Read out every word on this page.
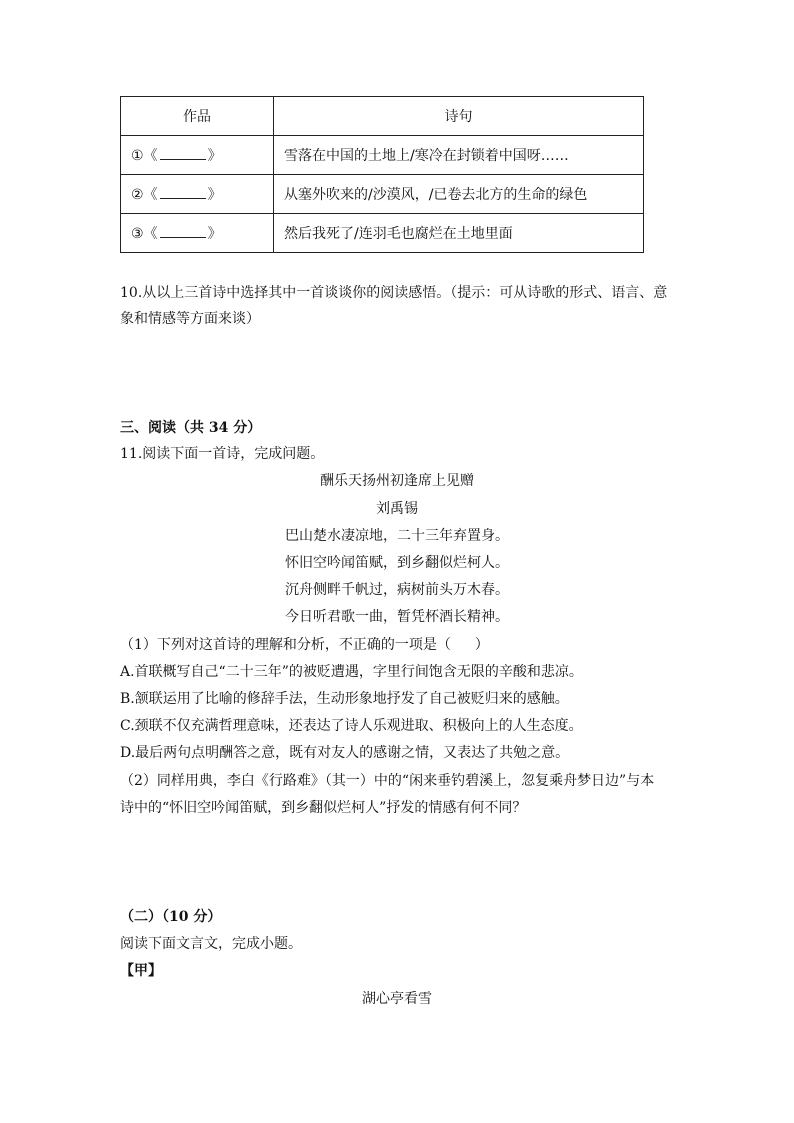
作品	诗句
①《 》	雪落在中国的土地上/寒冷在封锁着中国呀……
②《 》	从塞外吹来的/沙漠风，/已卷去北方的生命的绿色
③《 》	然后我死了/连羽毛也腐烂在土地里面
10.从以上三首诗中选择其中一首谈谈你的阅读感悟。（提示：可从诗歌的形式、语言、意
象和情感等方面来谈）
三、阅读（共 34 分）
11.阅读下面一首诗，完成问题。
酬乐天扬州初逢席上见赠
刘禹锡
巴山楚水凄凉地，二十三年弃置身。
怀旧空吟闻笛赋，到乡翻似烂柯人。
沉舟侧畔千帆过，病树前头万木春。
今日听君歌一曲，暂凭杯酒长精神。
（1）下列对这首诗的理解和分析，不正确的一项是（ ）
A.首联概写自己“二十三年”的被贬遭遇，字里行间饱含无限的辛酸和悲凉。
B.颔联运用了比喻的修辞手法，生动形象地抒发了自己被贬归来的感触。
C.颈联不仅充满哲理意味，还表达了诗人乐观进取、积极向上的人生态度。
D.最后两句点明酬答之意，既有对友人的感谢之情，又表达了共勉之意。
（2）同样用典，李白《行路难》（其一）中的“闲来垂钓碧溪上，忽复乘舟梦日边”与本
诗中的“怀旧空吟闻笛赋，到乡翻似烂柯人”抒发的情感有何不同？
（二）（10 分）
阅读下面文言文，完成小题。
【甲】
湖心亭看雪
